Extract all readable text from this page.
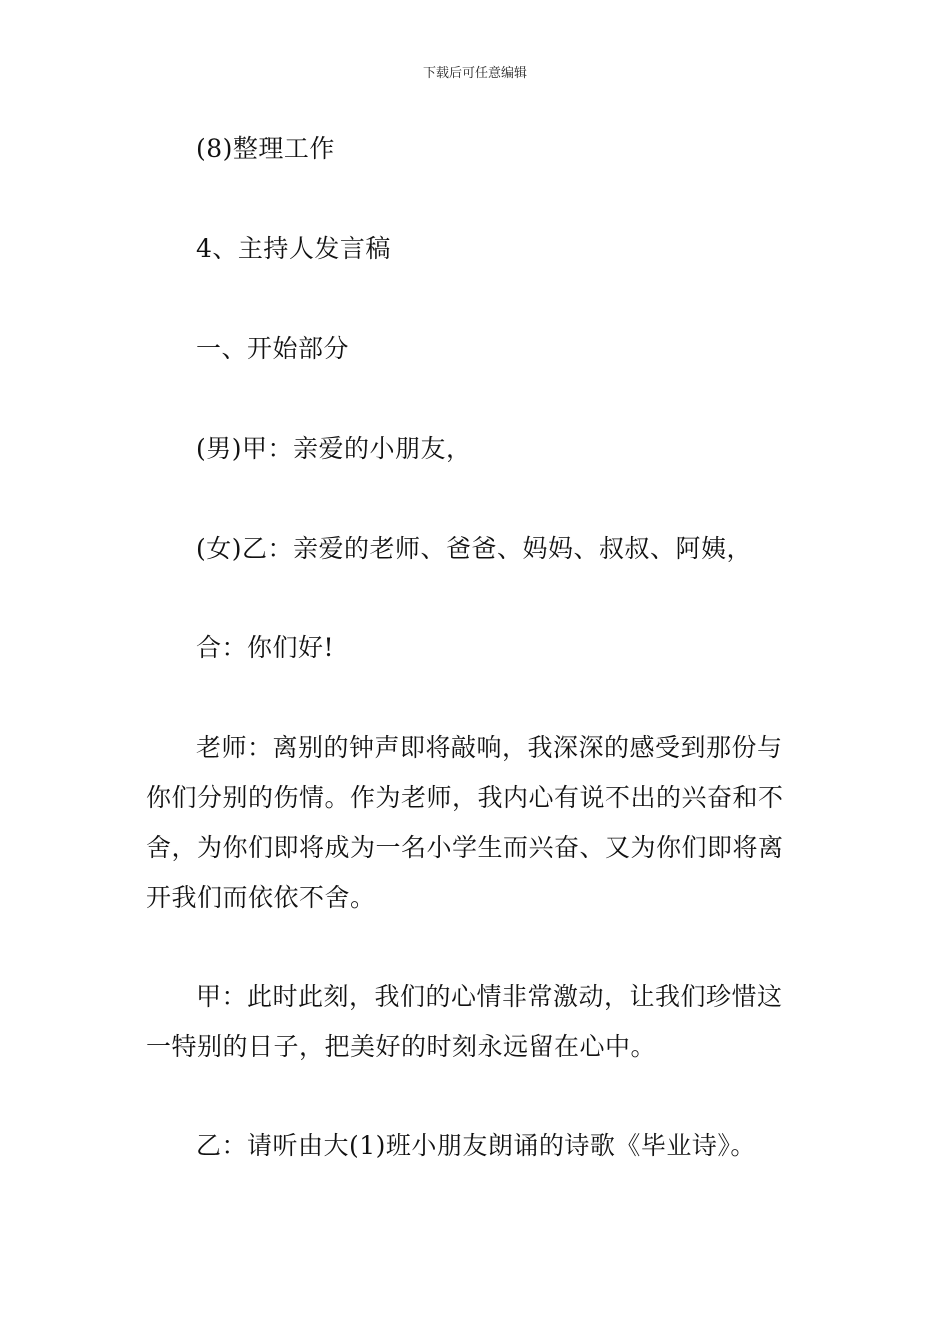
下载后可任意编辑

(8)整理工作

4、主持人发言稿

一、开始部分

(男)甲：亲爱的小朋友，

(女)乙：亲爱的老师、爸爸、妈妈、叔叔、阿姨，

合：你们好!

老师：离别的钟声即将敲响，我深深的感受到那份与
你们分别的伤情。作为老师，我内心有说不出的兴奋和不
舍，为你们即将成为一名小学生而兴奋、又为你们即将离
开我们而依依不舍。
甲：此时此刻，我们的心情非常激动，让我们珍惜这
一特别的日子，把美好的时刻永远留在心中。

乙：请听由大(1)班小朋友朗诵的诗歌《毕业诗》。
